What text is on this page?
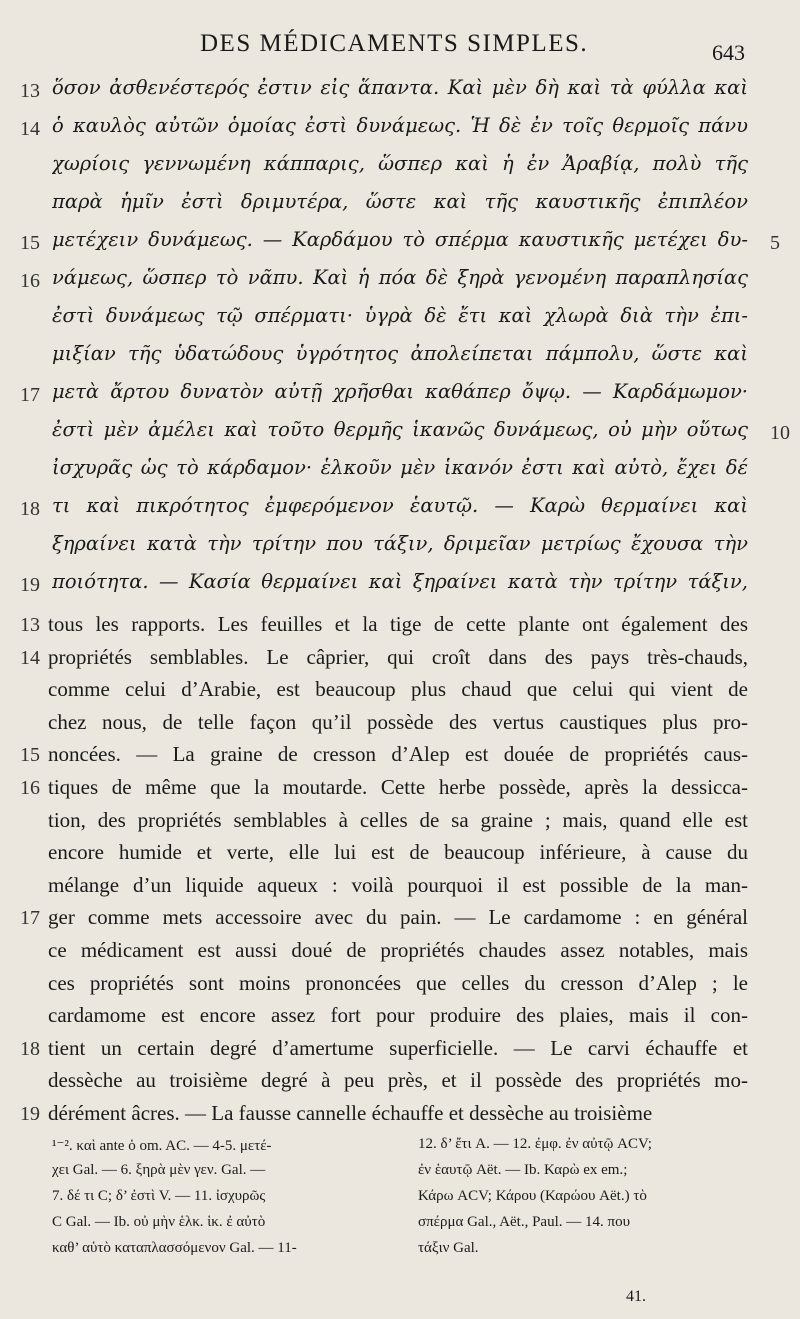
DES MÉDICAMENTS SIMPLES.	643
13 ὅσον ἀσθενέστερός ἐστιν εἰς ἅπαντα. Καὶ μὲν δὴ καὶ τὰ φύλλα καὶ
14 ὁ καυλὸς αὐτῶν ὁμοίας ἐστὶ δυνάμεως. Ἡ δὲ ἐν τοῖς θερμοῖς πάνυ
χωρίοις γεννωμένη κάππαρις, ὥσπερ καὶ ἡ ἐν Ἀραβίᾳ, πολὺ τῆς
παρὰ ἡμῖν ἐστὶ δριμυτέρα, ὥστε καὶ τῆς καυστικῆς ἐπιπλέον
15 μετέχειν δυνάμεως. — Καρδάμου τὸ σπέρμα καυστικῆς μετέχει δυ- 5
16 νάμεως, ὥσπερ τὸ νᾶπυ. Καὶ ἡ πόα δὲ ξηρὰ γενομένη παραπλησίας
ἐστὶ δυνάμεως τῷ σπέρματι· ὑγρὰ δὲ ἔτι καὶ χλωρὰ διὰ τὴν ἐπι-
μιξίαν τῆς ὑδατώδους ὑγρότητος ἀπολείπεται πάμπολυ, ὥστε καὶ
17 μετὰ ἄρτου δυνατὸν αὐτῇ χρῆσθαι καθάπερ ὄψῳ. — Καρδάμωμον·
ἐστὶ μὲν ἀμέλει καὶ τοῦτο θερμῆς ἱκανῶς δυνάμεως, οὐ μὴν οὕτως 10
ἰσχυρᾶς ὡς τὸ κάρδαμον· ἑλκοῦν μὲν ἱκανόν ἐστι καὶ αὐτὸ, ἔχει δέ
18 τι καὶ πικρότητος ἐμφερόμενον ἑαυτῷ. — Καρὼ θερμαίνει καὶ
ξηραίνει κατὰ τὴν τρίτην που τάξιν, δριμεῖαν μετρίως ἔχουσα τὴν
19 ποιότητα. — Κασία θερμαίνει καὶ ξηραίνει κατὰ τὴν τρίτην τάξιν,
13 tous les rapports. Les feuilles et la tige de cette plante ont également des
14 propriétés semblables. Le câprier, qui croît dans des pays très-chauds,
comme celui d’Arabie, est beaucoup plus chaud que celui qui vient de
chez nous, de telle façon qu’il possède des vertus caustiques plus pro-
15 noncées. — La graine de cresson d’Alep est douée de propriétés caus-
16 tiques de même que la moutarde. Cette herbe possède, après la dessicca-
tion, des propriétés semblables à celles de sa graine ; mais, quand elle est
encore humide et verte, elle lui est de beaucoup inférieure, à cause du
mélange d’un liquide aqueux : voilà pourquoi il est possible de la man-
17 ger comme mets accessoire avec du pain. — Le cardamome : en général
ce médicament est aussi doué de propriétés chaudes assez notables, mais
ces propriétés sont moins prononcées que celles du cresson d’Alep ; le
cardamome est encore assez fort pour produire des plaies, mais il con-
18 tient un certain degré d’amertume superficielle. — Le carvi échauffe et
dessèche au troisième degré à peu près, et il possède des propriétés mo-
19 dérément âcres. — La fausse cannelle échauffe et dessèche au troisième
¹⁻². καὶ ante ὁ om. AC. — 4-5. μετέ-
χει Gal. — 6. ξηρὰ μὲν γεν. Gal. —
7. δέ τι C; δ’ ἐστὶ V. — 11. ἰσχυρῶς
C Gal. — Ib. οὐ μὴν ἑλκ. ἱκ. ἐ αὐτὸ
καθ’ αὑτὸ καταπλασσόμενον Gal. — 11-
12. δ’ ἔτι A. — 12. ἐμφ. ἐν αὐτῷ ACV;
ἐν ἑαυτῷ Aët. — Ib. Καρὼ ex em.;
Κάρω ACV; Κάρου (Καρώου Aët.) τὸ
σπέρμα Gal., Aët., Paul. — 14. που
τάξιν Gal.
41.
